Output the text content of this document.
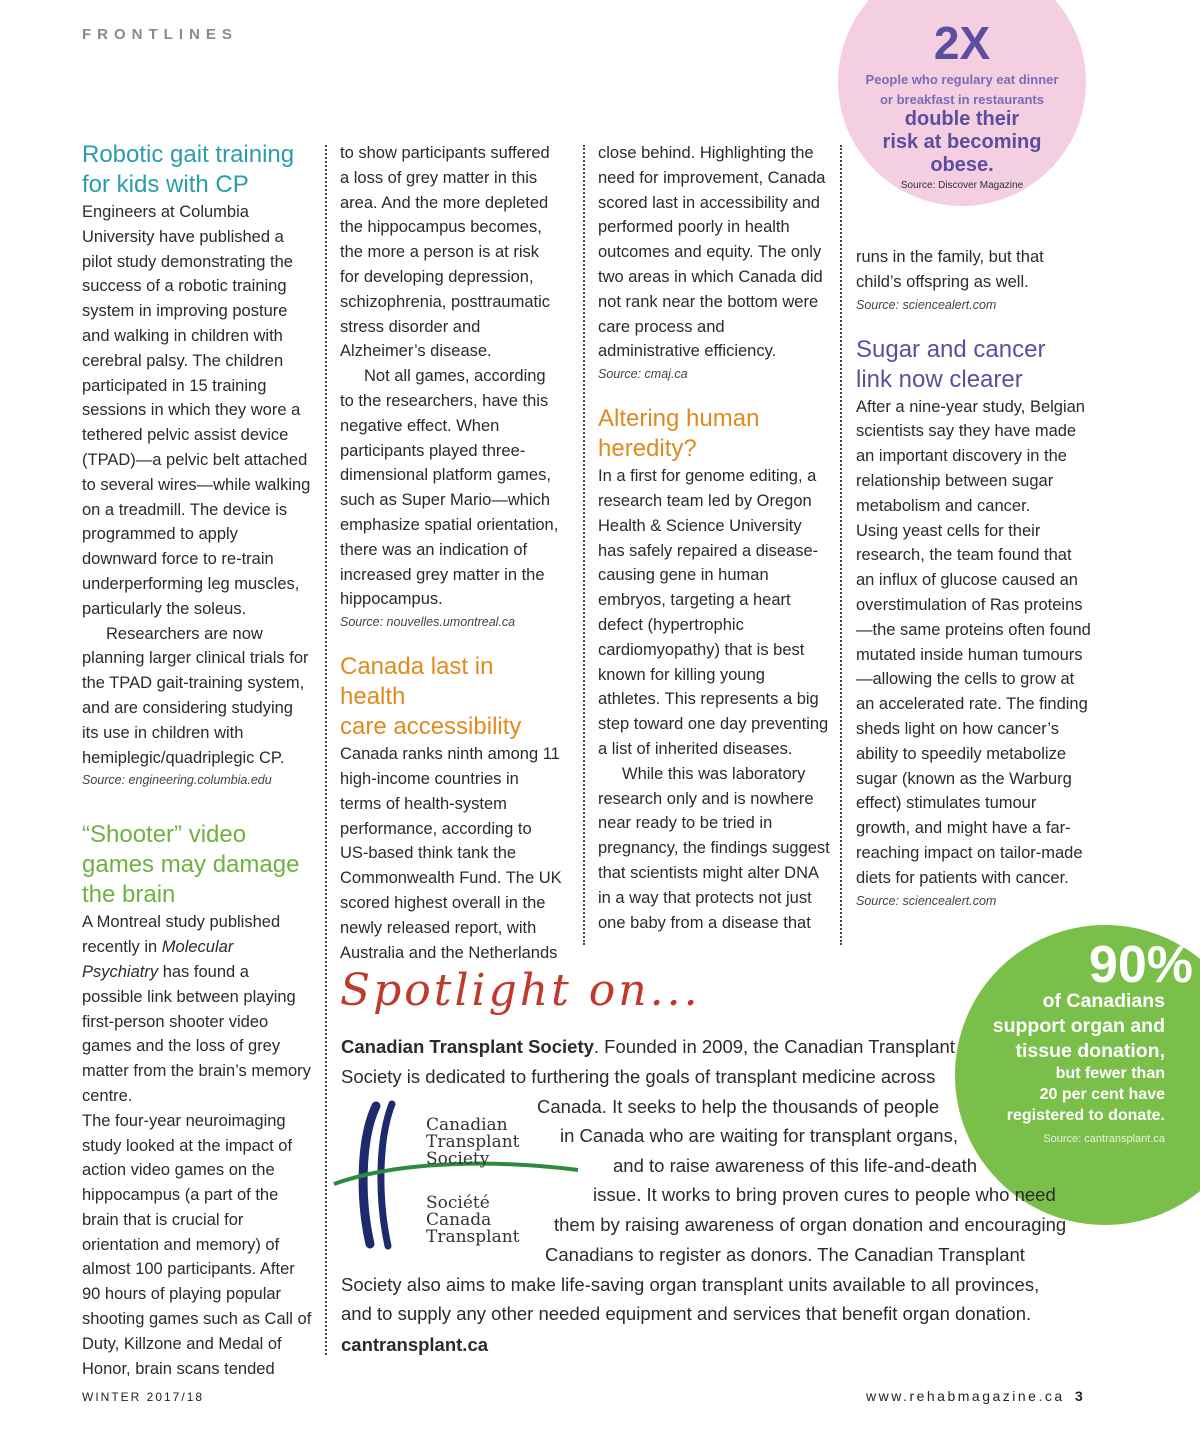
FRONTLINES	2X
People who regulary eat dinner
or breakfast in restaurants
double their
risk at becoming
obese.
Source: Discover Magazine
Robotic gait training
for kids with CP

Engineers at Columbia University have published a pilot study demonstrating the success of a robotic training system in improving posture and walking in children with cerebral palsy. The children participated in 15 training sessions in which they wore a tethered pelvic assist device (TPAD)—a pelvic belt attached to several wires—while walking on a treadmill. The device is programmed to apply downward force to re-train underperforming leg muscles, particularly the soleus.

Researchers are now planning larger clinical trials for the TPAD gait-training system, and are considering studying its use in children with hemiplegic/quadriplegic CP.

Source: engineering.columbia.edu

“Shooter” video
games may damage
the brain

A Montreal study published recently in Molecular Psychiatry has found a possible link between playing first-person shooter video games and the loss of grey matter from the brain’s memory centre.

The four-year neuroimaging study looked at the impact of action video games on the hippocampus (a part of the brain that is crucial for orientation and memory) of almost 100 participants. After 90 hours of playing popular shooting games such as Call of Duty, Killzone and Medal of Honor, brain scans tended

to show participants suffered a loss of grey matter in this area. And the more depleted the hippocampus becomes, the more a person is at risk for developing depression, schizophrenia, posttraumatic stress disorder and Alzheimer’s disease.

Not all games, according to the researchers, have this negative effect. When participants played three-dimensional platform games, such as Super Mario—which emphasize spatial orientation, there was an indication of increased grey matter in the hippocampus.

Source: nouvelles.umontreal.ca

Canada last in health
care accessibility

Canada ranks ninth among 11 high-income countries in terms of health-system performance, according to US-based think tank the Commonwealth Fund. The UK scored highest overall in the newly released report, with Australia and the Netherlands

close behind. Highlighting the need for improvement, Canada scored last in accessibility and performed poorly in health outcomes and equity. The only two areas in which Canada did not rank near the bottom were care process and administrative efficiency.

Source: cmaj.ca

Altering human
heredity?

In a first for genome editing, a research team led by Oregon Health & Science University has safely repaired a disease-causing gene in human embryos, targeting a heart defect (hypertrophic cardiomyopathy) that is best known for killing young athletes. This represents a big step toward one day preventing a list of inherited diseases.

While this was laboratory research only and is nowhere near ready to be tried in pregnancy, the findings suggest that scientists might alter DNA in a way that protects not just one baby from a disease that

runs in the family, but that child’s offspring as well.

Source: sciencealert.com

Sugar and cancer
link now clearer

After a nine-year study, Belgian scientists say they have made an important discovery in the relationship between sugar metabolism and cancer.

Using yeast cells for their research, the team found that an influx of glucose caused an overstimulation of Ras proteins—the same proteins often found mutated inside human tumours—allowing the cells to grow at an accelerated rate. The finding sheds light on how cancer’s ability to speedily metabolize sugar (known as the Warburg effect) stimulates tumour growth, and might have a far-reaching impact on tailor-made diets for patients with cancer.

Source: sciencealert.com

90%
of Canadians
support organ and
tissue donation,
but fewer than
20 per cent have
registered to donate.
Source: cantransplant.ca
Spotlight on...
Canadian Transplant Society. Founded in 2009, the Canadian Transplant
Society is dedicated to furthering the goals of transplant medicine across
Canada. It seeks to help the thousands of people
in Canada who are waiting for transplant organs,
and to raise awareness of this life-and-death
issue. It works to bring proven cures to people who need
them by raising awareness of organ donation and encouraging
Canadians to register as donors. The Canadian Transplant
Society also aims to make life-saving organ transplant units available to all provinces,
and to supply any other needed equipment and services that benefit organ donation.
cantransplant.ca
Canadian
Transplant
Society
Société
Canada
Transplant
WINTER 2017/18	www.rehabmagazine.ca 3
